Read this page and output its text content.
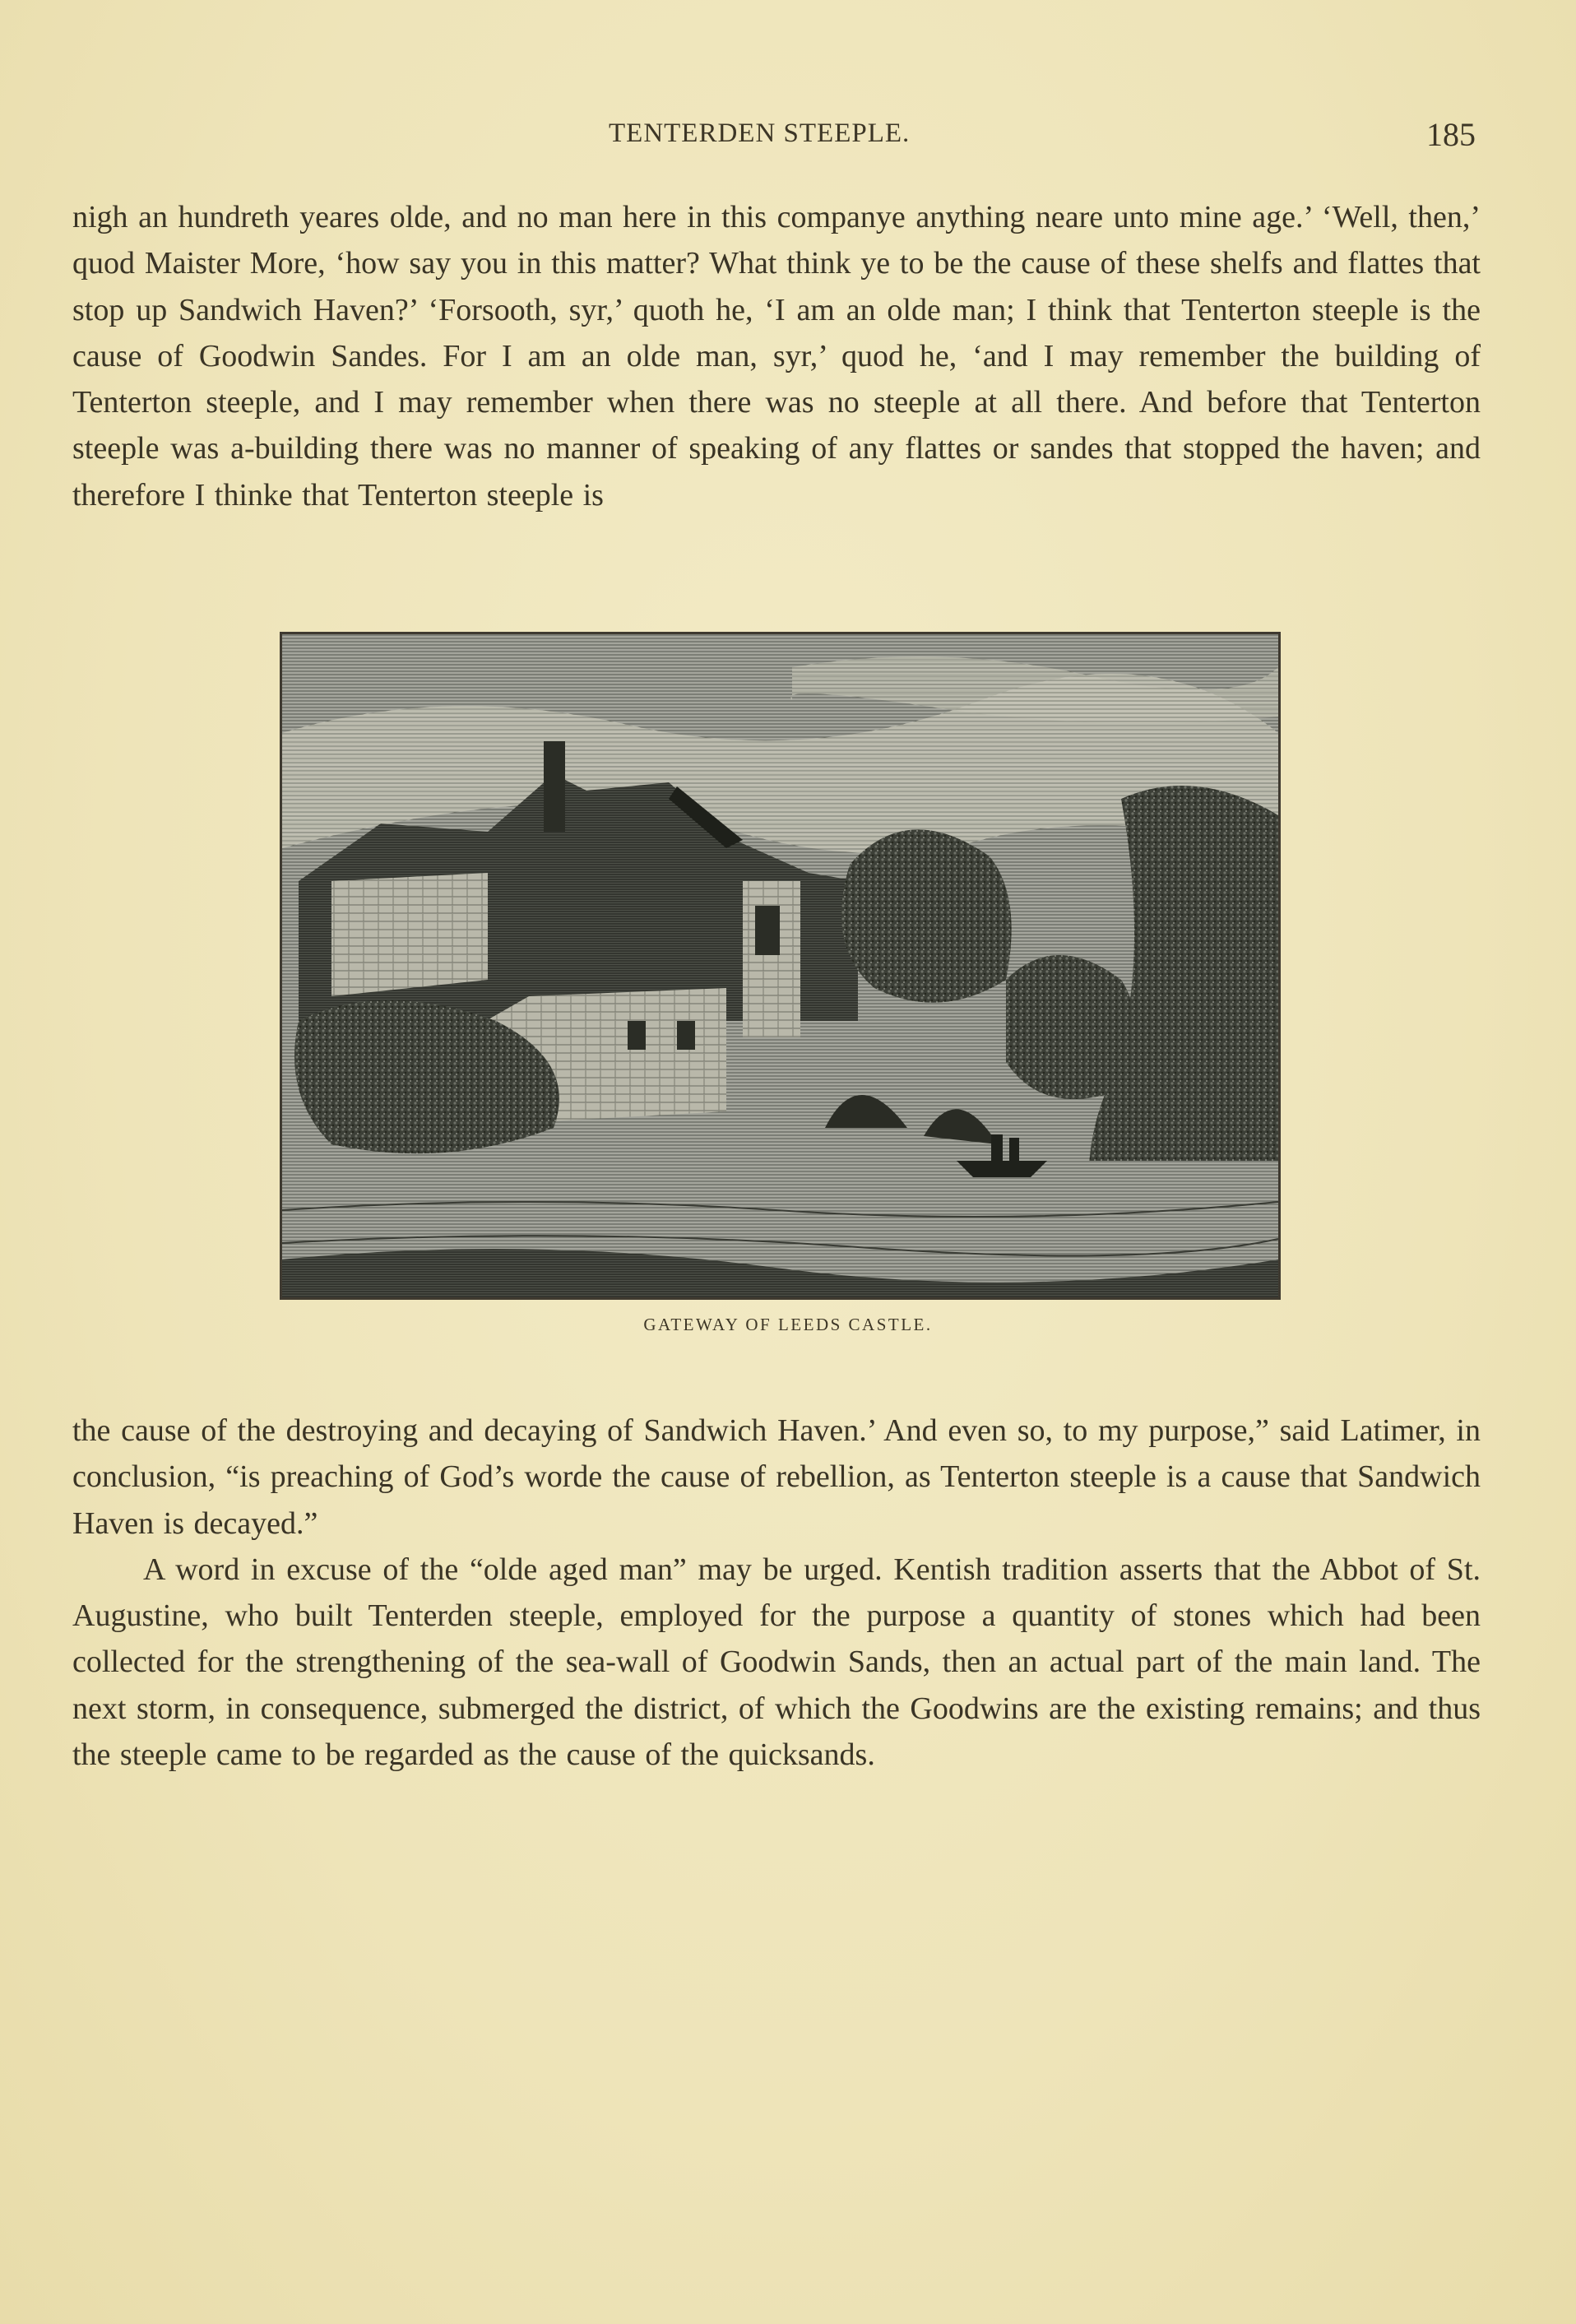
TENTERDEN STEEPLE.	185

nigh an hundreth yeares olde, and no man here in this companye anything neare unto mine age.’ ‘Well, then,’ quod Maister More, ‘how say you in this matter? What think ye to be the cause of these shelfs and flattes that stop up Sandwich Haven?’ ‘Forsooth, syr,’ quoth he, ‘I am an olde man; I think that Tenterton steeple is the cause of Goodwin Sandes. For I am an olde man, syr,’ quod he, ‘and I may remember the building of Tenterton steeple, and I may remember when there was no steeple at all there. And before that Tenterton steeple was a-building there was no manner of speaking of any flattes or sandes that stopped the haven; and therefore I thinke that Tenterton steeple is

GATEWAY OF LEEDS CASTLE.

the cause of the destroying and decaying of Sandwich Haven.’ And even so, to my purpose,” said Latimer, in conclusion, “is preaching of God’s worde the cause of rebellion, as Tenterton steeple is a cause that Sandwich Haven is decayed.”

A word in excuse of the “olde aged man” may be urged. Kentish tradition asserts that the Abbot of St. Augustine, who built Tenterden steeple, employed for the purpose a quantity of stones which had been collected for the strengthening of the sea-wall of Goodwin Sands, then an actual part of the main land. The next storm, in consequence, submerged the district, of which the Goodwins are the existing remains; and thus the steeple came to be regarded as the cause of the quicksands.
